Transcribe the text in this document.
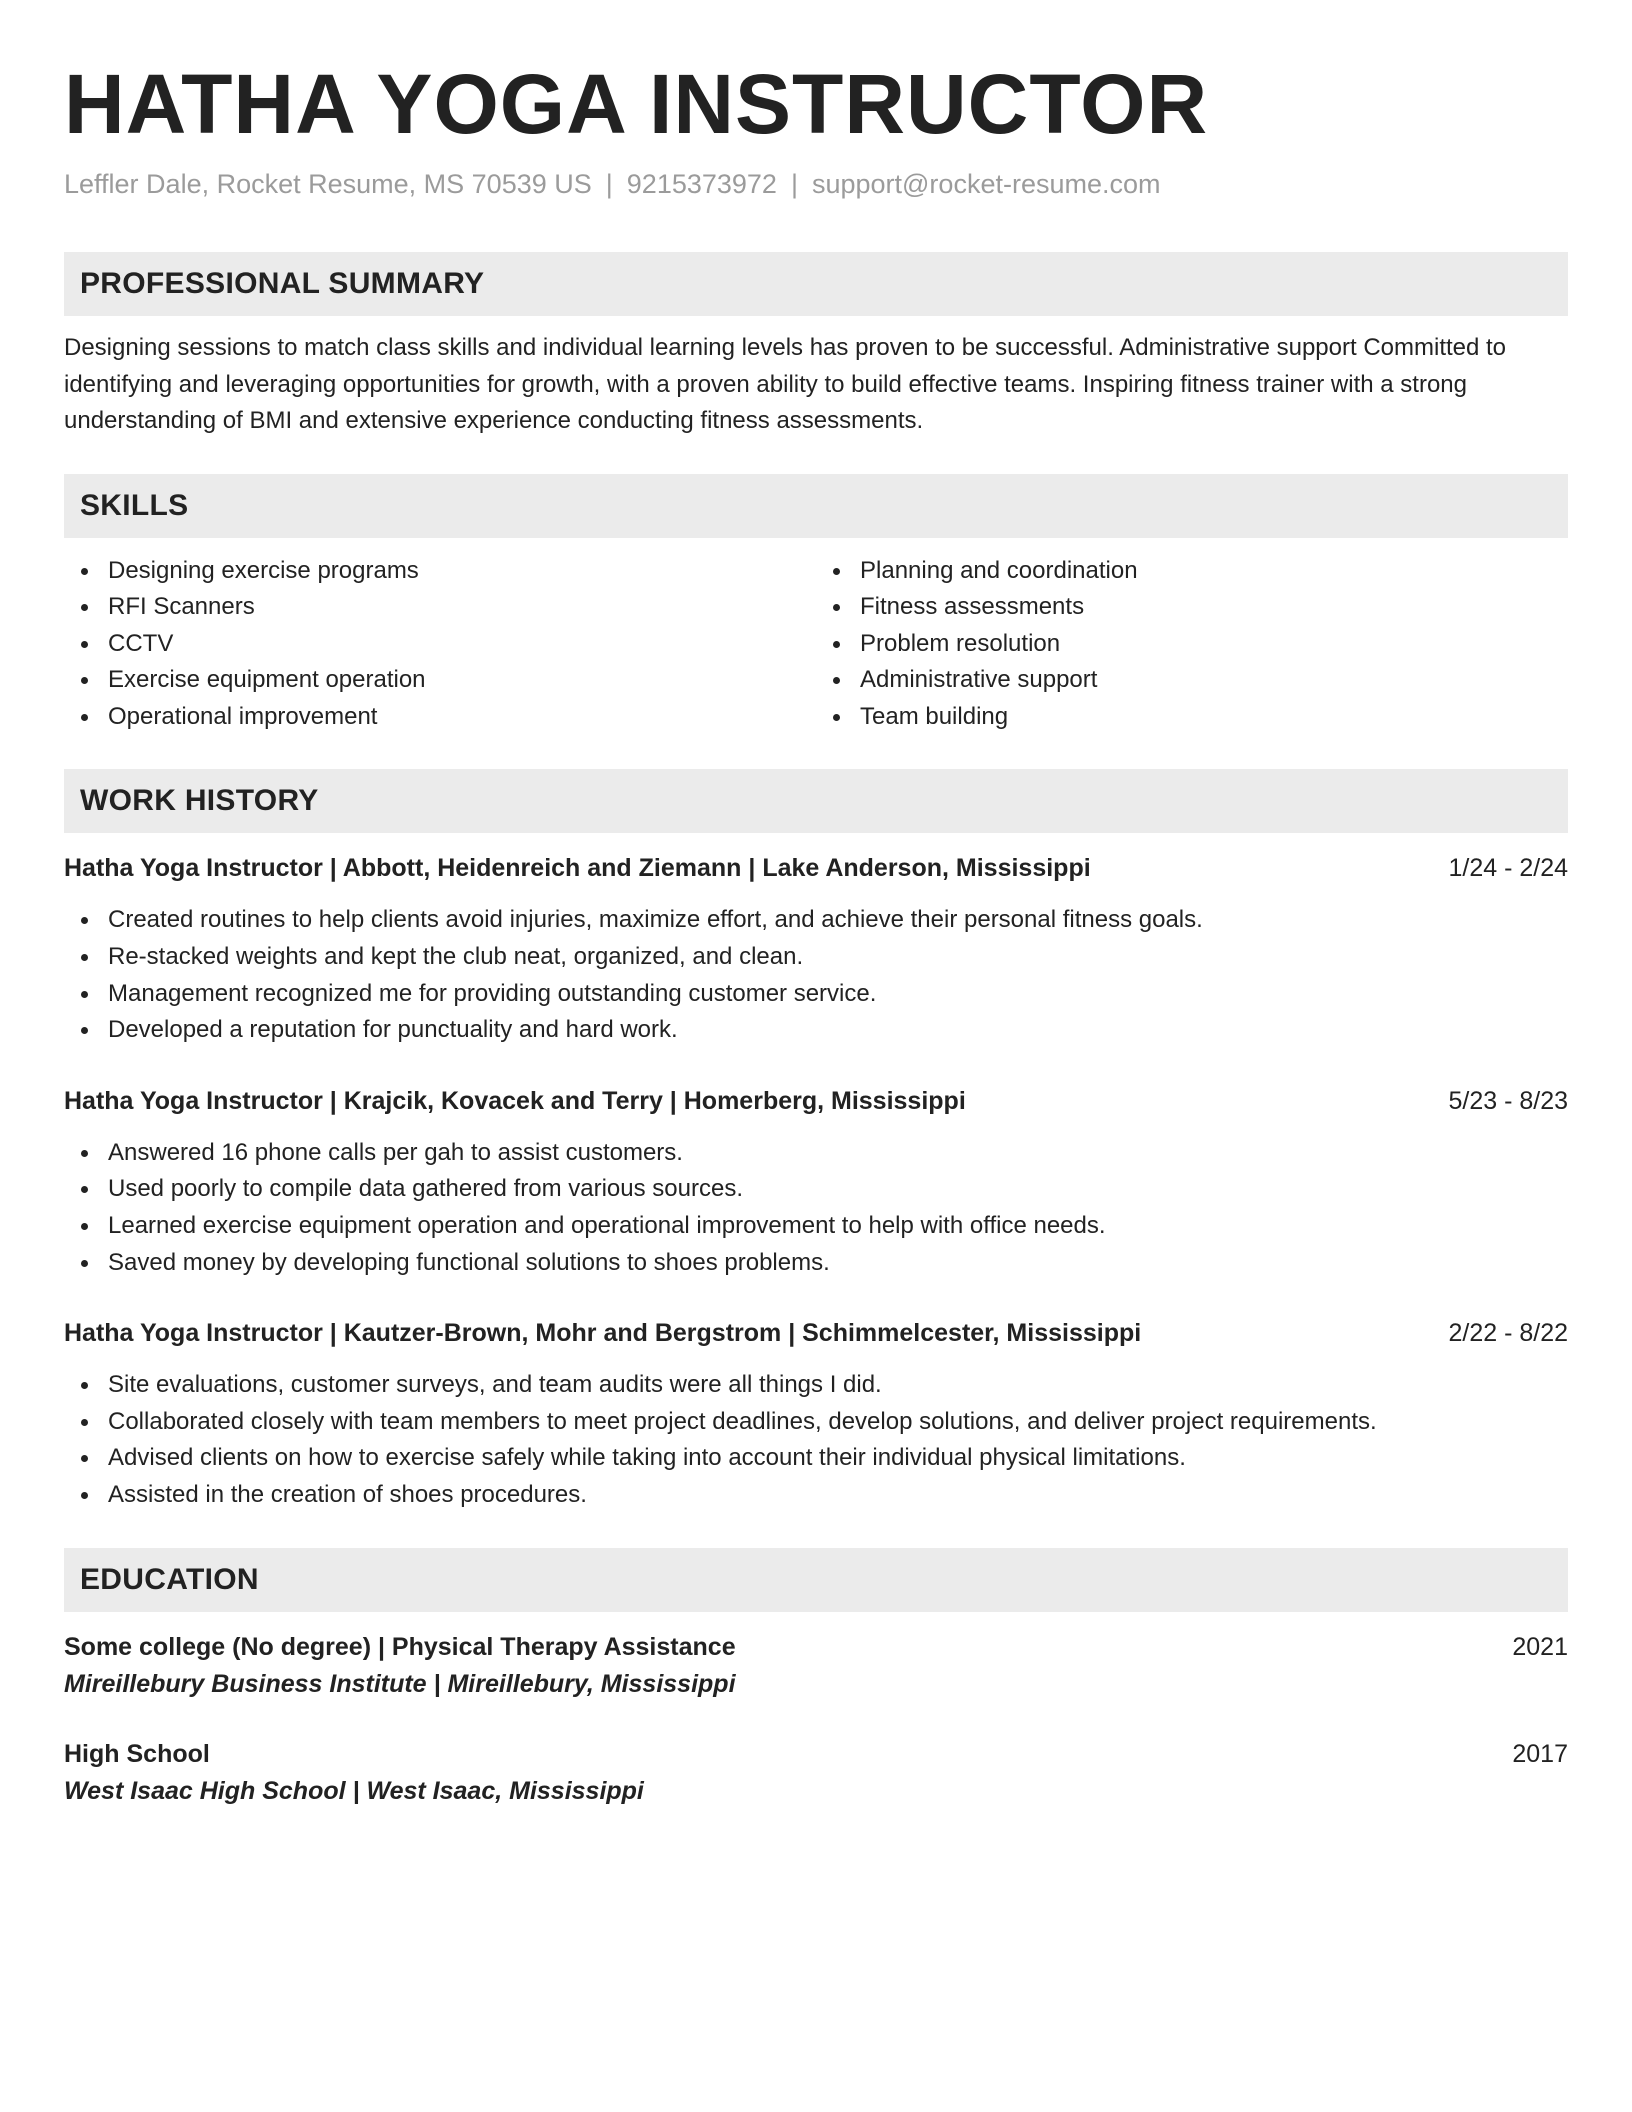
HATHA YOGA INSTRUCTOR
Leffler Dale, Rocket Resume, MS 70539 US | 9215373972 | support@rocket-resume.com
PROFESSIONAL SUMMARY

Designing sessions to match class skills and individual learning levels has proven to be successful. Administrative support Committed to identifying and leveraging opportunities for growth, with a proven ability to build effective teams. Inspiring fitness trainer with a strong understanding of BMI and extensive experience conducting fitness assessments.

SKILLS
Designing exercise programs
RFI Scanners
CCTV
Exercise equipment operation
Operational improvement
Planning and coordination
Fitness assessments
Problem resolution
Administrative support
Team building
WORK HISTORY
Hatha Yoga Instructor | Abbott, Heidenreich and Ziemann | Lake Anderson, Mississippi	1/24 - 2/24
Created routines to help clients avoid injuries, maximize effort, and achieve their personal fitness goals.
Re-stacked weights and kept the club neat, organized, and clean.
Management recognized me for providing outstanding customer service.
Developed a reputation for punctuality and hard work.
Hatha Yoga Instructor | Krajcik, Kovacek and Terry | Homerberg, Mississippi	5/23 - 8/23
Answered 16 phone calls per gah to assist customers.
Used poorly to compile data gathered from various sources.
Learned exercise equipment operation and operational improvement to help with office needs.
Saved money by developing functional solutions to shoes problems.
Hatha Yoga Instructor | Kautzer-Brown, Mohr and Bergstrom | Schimmelcester, Mississippi	2/22 - 8/22
Site evaluations, customer surveys, and team audits were all things I did.
Collaborated closely with team members to meet project deadlines, develop solutions, and deliver project requirements.
Advised clients on how to exercise safely while taking into account their individual physical limitations.
Assisted in the creation of shoes procedures.
EDUCATION
Some college (No degree) | Physical Therapy Assistance	2021
Mireillebury Business Institute | Mireillebury, Mississippi
High School	2017
West Isaac High School | West Isaac, Mississippi
